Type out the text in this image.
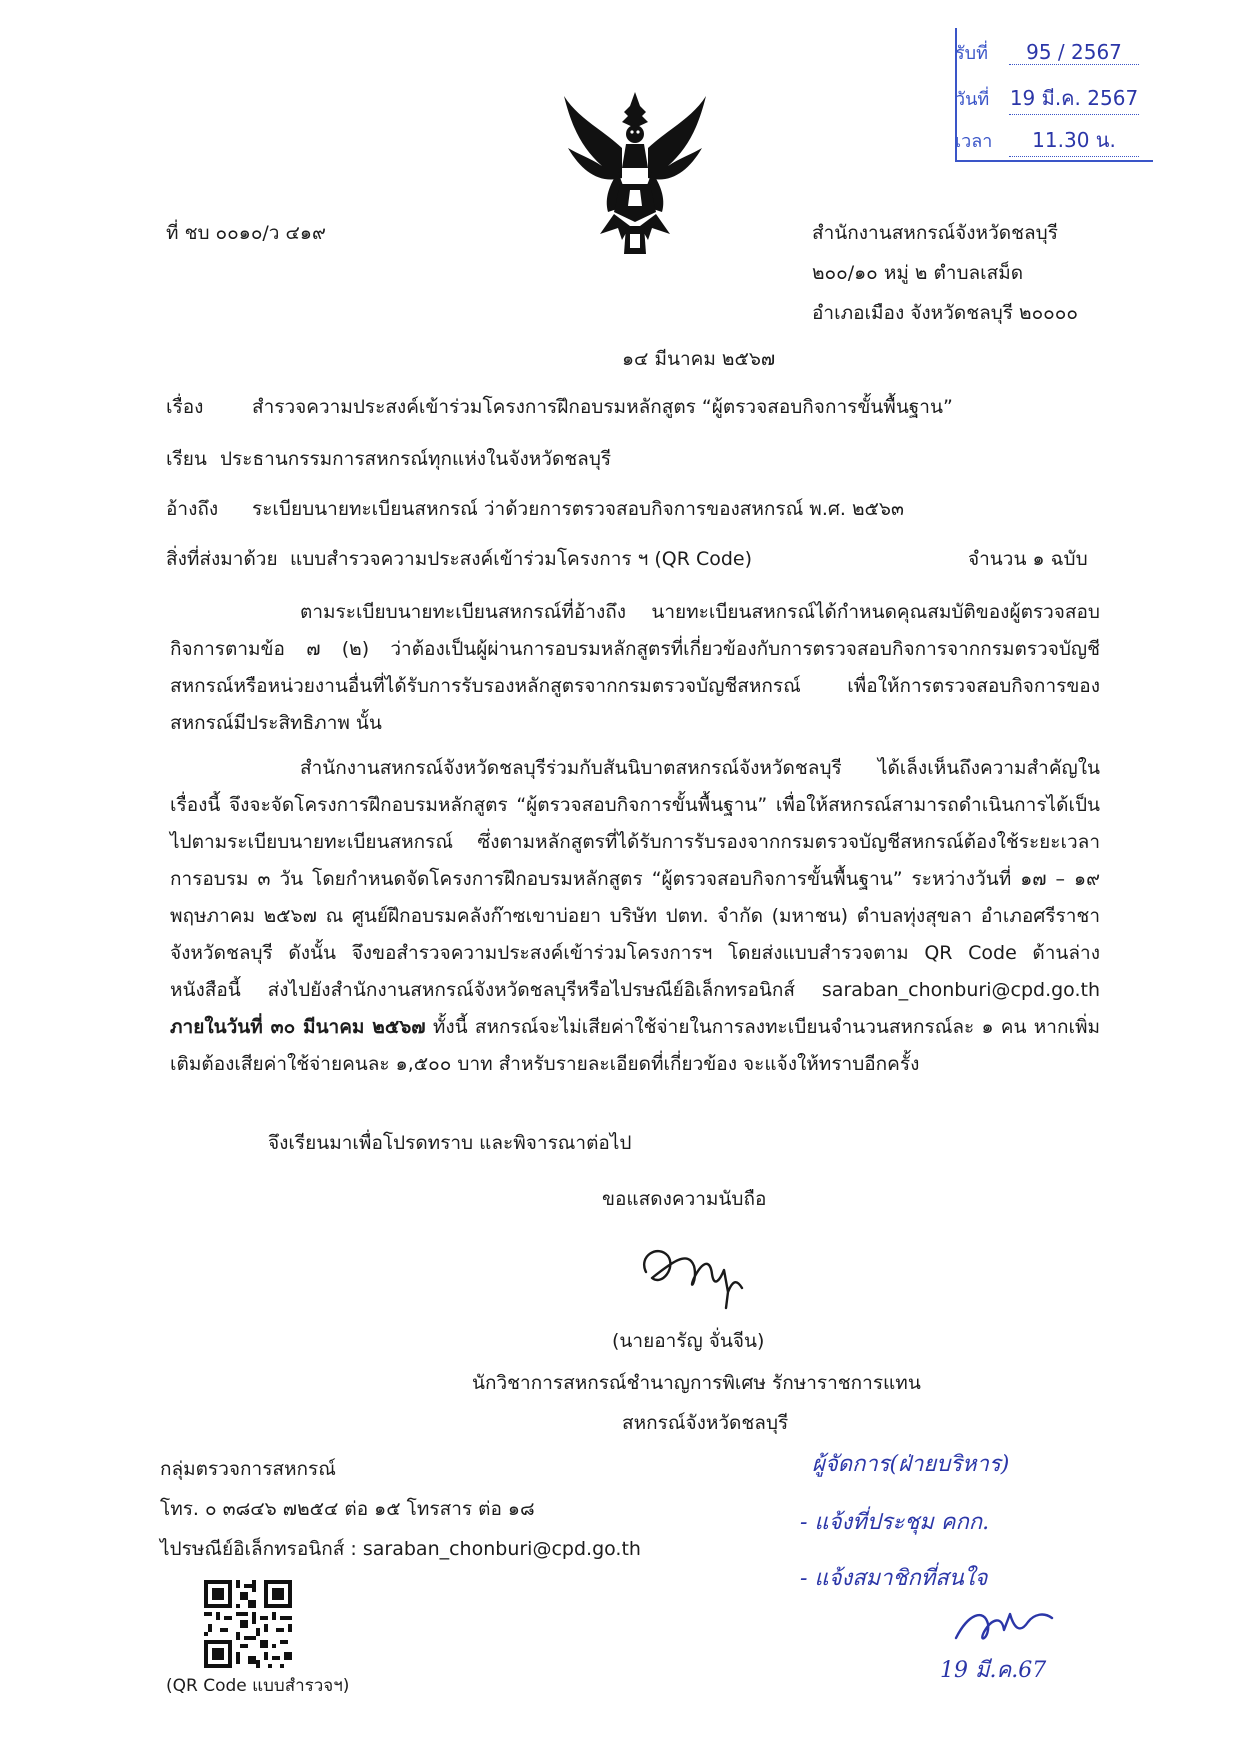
รับที่ 95 / 2567
วันที่ 19 มี.ค. 2567
เวลา 11.30 น.
ที่ ชบ ๐๐๑๐/ว ๔๑๙	สำนักงานสหกรณ์จังหวัดชลบุรี
๒๐๐/๑๐ หมู่ ๒ ตำบลเสม็ด
อำเภอเมือง จังหวัดชลบุรี ๒๐๐๐๐
๑๔ มีนาคม ๒๕๖๗
เรื่อง	สำรวจความประสงค์เข้าร่วมโครงการฝึกอบรมหลักสูตร “ผู้ตรวจสอบกิจการขั้นพื้นฐาน”
เรียน ประธานกรรมการสหกรณ์ทุกแห่งในจังหวัดชลบุรี
อ้างถึง ระเบียบนายทะเบียนสหกรณ์ ว่าด้วยการตรวจสอบกิจการของสหกรณ์ พ.ศ. ๒๕๖๓
สิ่งที่ส่งมาด้วย แบบสำรวจความประสงค์เข้าร่วมโครงการ ฯ (QR Code)	จำนวน ๑ ฉบับ

ตามระเบียบนายทะเบียนสหกรณ์ที่อ้างถึง นายทะเบียนสหกรณ์ได้กำหนดคุณสมบัติของผู้ตรวจสอบกิจการตามข้อ ๗ (๒) ว่าต้องเป็นผู้ผ่านการอบรมหลักสูตรที่เกี่ยวข้องกับการตรวจสอบกิจการจากกรมตรวจบัญชีสหกรณ์หรือหน่วยงานอื่นที่ได้รับการรับรองหลักสูตรจากกรมตรวจบัญชีสหกรณ์ เพื่อให้การตรวจสอบกิจการของสหกรณ์มีประสิทธิภาพ นั้น

สำนักงานสหกรณ์จังหวัดชลบุรีร่วมกับสันนิบาตสหกรณ์จังหวัดชลบุรี ได้เล็งเห็นถึงความสำคัญในเรื่องนี้ จึงจะจัดโครงการฝึกอบรมหลักสูตร “ผู้ตรวจสอบกิจการขั้นพื้นฐาน” เพื่อให้สหกรณ์สามารถดำเนินการได้เป็นไปตามระเบียบนายทะเบียนสหกรณ์ ซึ่งตามหลักสูตรที่ได้รับการรับรองจากกรมตรวจบัญชีสหกรณ์ต้องใช้ระยะเวลาการอบรม ๓ วัน โดยกำหนดจัดโครงการฝึกอบรมหลักสูตร “ผู้ตรวจสอบกิจการขั้นพื้นฐาน” ระหว่างวันที่ ๑๗ – ๑๙ พฤษภาคม ๒๕๖๗ ณ ศูนย์ฝึกอบรมคลังก๊าซเขาบ่อยา บริษัท ปตท. จำกัด (มหาชน) ตำบลทุ่งสุขลา อำเภอศรีราชา จังหวัดชลบุรี ดังนั้น จึงขอสำรวจความประสงค์เข้าร่วมโครงการฯ โดยส่งแบบสำรวจตาม QR Code ด้านล่างหนังสือนี้ ส่งไปยังสำนักงานสหกรณ์จังหวัดชลบุรีหรือไปรษณีย์อิเล็กทรอนิกส์ saraban_chonburi@cpd.go.th ภายในวันที่ ๓๐ มีนาคม ๒๕๖๗ ทั้งนี้ สหกรณ์จะไม่เสียค่าใช้จ่ายในการลงทะเบียนจำนวนสหกรณ์ละ ๑ คน หากเพิ่มเติมต้องเสียค่าใช้จ่ายคนละ ๑,๕๐๐ บาท สำหรับรายละเอียดที่เกี่ยวข้อง จะแจ้งให้ทราบอีกครั้ง

จึงเรียนมาเพื่อโปรดทราบ และพิจารณาต่อไป
ขอแสดงความนับถือ
(นายอารัญ จั่นจีน)
นักวิชาการสหกรณ์ชำนาญการพิเศษ รักษาราชการแทน
สหกรณ์จังหวัดชลบุรี
กลุ่มตรวจการสหกรณ์
โทร. ๐ ๓๘๔๖ ๗๒๕๔ ต่อ ๑๕ โทรสาร ต่อ ๑๘
ไปรษณีย์อิเล็กทรอนิกส์ : saraban_chonburi@cpd.go.th
(QR Code แบบสำรวจฯ)
ผู้จัดการ(ฝ่ายบริหาร)
- แจ้งที่ประชุม คกก.
- แจ้งสมาชิกที่สนใจ
19 มี.ค.67
